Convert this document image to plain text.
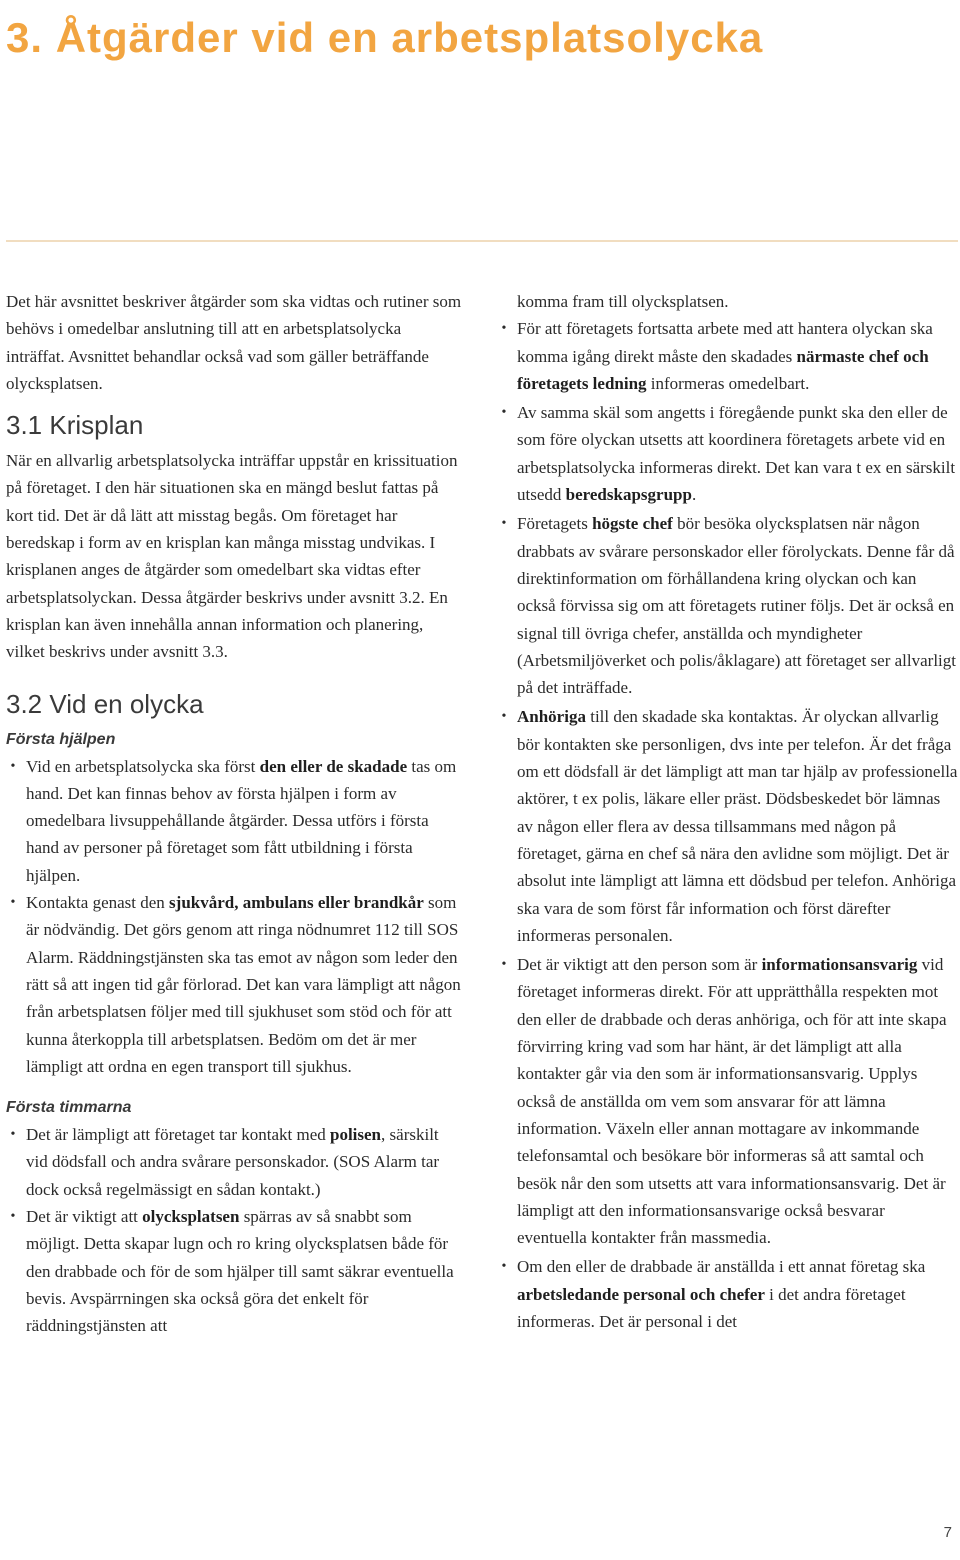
3. Åtgärder vid en arbetsplatsolycka

Det här avsnittet beskriver åtgärder som ska vidtas och rutiner som behövs i omedelbar anslutning till att en arbetsplatsolycka inträffat. Avsnittet behandlar också vad som gäller beträffande olycksplatsen.

3.1 Krisplan

När en allvarlig arbetsplatsolycka inträffar uppstår en krissituation på företaget. I den här situationen ska en mängd beslut fattas på kort tid. Det är då lätt att misstag begås. Om företaget har beredskap i form av en krisplan kan många misstag undvikas. I krisplanen anges de åtgärder som omedelbart ska vidtas efter arbetsplatsolyckan. Dessa åtgärder beskrivs under avsnitt 3.2. En krisplan kan även innehålla annan information och planering, vilket beskrivs under avsnitt 3.3.

3.2 Vid en olycka
Första hjälpen
• Vid en arbetsplatsolycka ska först den eller de skadade tas om hand. Det kan finnas behov av första hjälpen i form av omedelbara livsuppehållande åtgärder. Dessa utförs i första hand av personer på företaget som fått utbildning i första hjälpen.
• Kontakta genast den sjukvård, ambulans eller brandkår som är nödvändig. Det görs genom att ringa nödnumret 112 till SOS Alarm. Räddningstjänsten ska tas emot av någon som leder den rätt så att ingen tid går förlorad. Det kan vara lämpligt att någon från arbetsplatsen följer med till sjukhuset som stöd och för att kunna återkoppla till arbetsplatsen. Bedöm om det är mer lämpligt att ordna en egen transport till sjukhus.
Första timmarna
• Det är lämpligt att företaget tar kontakt med polisen, särskilt vid dödsfall och andra svårare personskador. (SOS Alarm tar dock också regelmässigt en sådan kontakt.)
• Det är viktigt att olycksplatsen spärras av så snabbt som möjligt. Detta skapar lugn och ro kring olycksplatsen både för den drabbade och för de som hjälper till samt säkrar eventuella bevis. Avspärrningen ska också göra det enkelt för räddningstjänsten att

komma fram till olycksplatsen.

• För att företagets fortsatta arbete med att hantera olyckan ska komma igång direkt måste den skadades närmaste chef och företagets ledning informeras omedelbart.
• Av samma skäl som angetts i föregående punkt ska den eller de som före olyckan utsetts att koordinera företagets arbete vid en arbetsplatsolycka informeras direkt. Det kan vara t ex en särskilt utsedd beredskapsgrupp.
• Företagets högste chef bör besöka olycksplatsen när någon drabbats av svårare personskador eller förolyckats. Denne får då direktinformation om förhållandena kring olyckan och kan också förvissa sig om att företagets rutiner följs. Det är också en signal till övriga chefer, anställda och myndigheter (Arbetsmiljöverket och polis/åklagare) att företaget ser allvarligt på det inträffade.
• Anhöriga till den skadade ska kontaktas. Är olyckan allvarlig bör kontakten ske personligen, dvs inte per telefon. Är det fråga om ett dödsfall är det lämpligt att man tar hjälp av professionella aktörer, t ex polis, läkare eller präst. Dödsbeskedet bör lämnas av någon eller flera av dessa tillsammans med någon på företaget, gärna en chef så nära den avlidne som möjligt. Det är absolut inte lämpligt att lämna ett dödsbud per telefon. Anhöriga ska vara de som först får information och först därefter informeras personalen.
• Det är viktigt att den person som är informationsansvarig vid företaget informeras direkt. För att upprätthålla respekten mot den eller de drabbade och deras anhöriga, och för att inte skapa förvirring kring vad som har hänt, är det lämpligt att alla kontakter går via den som är informationsansvarig. Upplys också de anställda om vem som ansvarar för att lämna information. Växeln eller annan mottagare av inkommande telefonsamtal och besökare bör informeras så att samtal och besök når den som utsetts att vara informationsansvarig. Det är lämpligt att den informationsansvarige också besvarar eventuella kontakter från massmedia.
• Om den eller de drabbade är anställda i ett annat företag ska arbetsledande personal och chefer i det andra företaget informeras. Det är personal i det
7
